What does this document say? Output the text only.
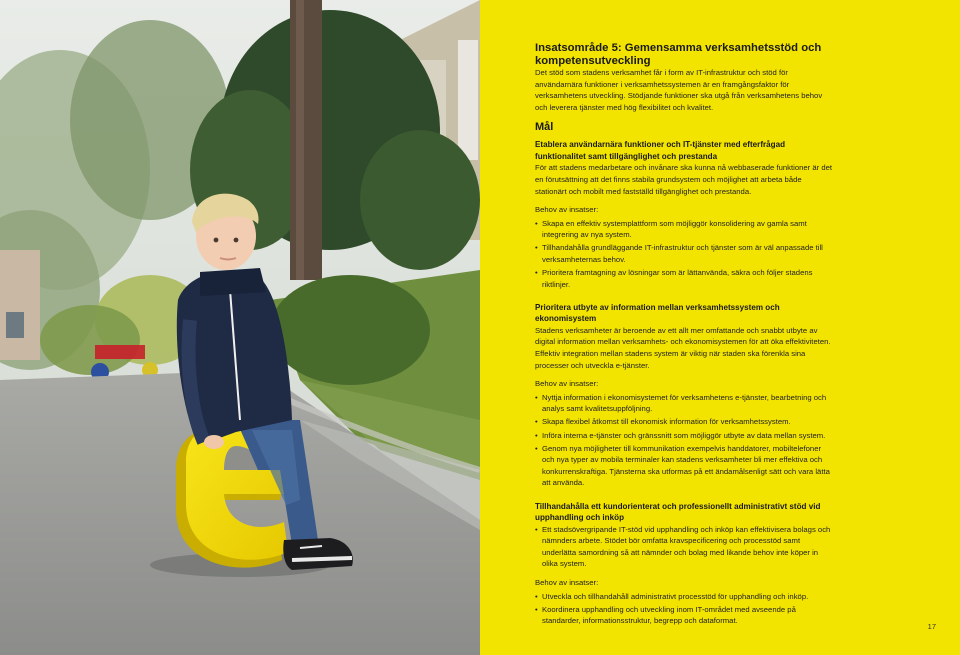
Insatsområde 5: Gemensamma verksamhetsstöd och kompetensutveckling

Det stöd som stadens verksamhet får i form av IT-infrastruktur och stöd för användarnära funktioner i verksamhetssystemen är en framgångsfaktor för verksamhetens utveckling. Stödjande funktioner ska utgå från verksamhetens behov och leverera tjänster med hög flexibilitet och kvalitet.

Mål
Etablera användarnära funktioner och IT-tjänster med efterfrågad funktionalitet samt tillgänglighet och prestanda

För att stadens medarbetare och invånare ska kunna nå webbaserade funktioner är det en förutsättning att det finns stabila grundsystem och möjlighet att arbeta både stationärt och mobilt med fastställd tillgänglighet och prestanda.

Behov av insatser:
• Skapa en effektiv systemplattform som möjliggör konsolidering av gamla samt integrering av nya system.
• Tillhandahålla grundläggande IT-infrastruktur och tjänster som är väl anpassade till verksamheternas behov.
• Prioritera framtagning av lösningar som är lättanvända, säkra och följer stadens riktlinjer.
Prioritera utbyte av information mellan verksamhetssystem och ekonomisystem

Stadens verksamheter är beroende av ett allt mer omfattande och snabbt utbyte av digital information mellan verksamhets- och ekonomisystemen för att öka effektiviteten. Effektiv integration mellan stadens system är viktig när staden ska förenkla sina processer och utveckla e-tjänster.

Behov av insatser:
• Nyttja information i ekonomisystemet för verksamhetens e-tjänster, bearbetning och analys samt kvalitetsuppföljning.
• Skapa flexibel åtkomst till ekonomisk information för verksamhetssystem.
• Införa interna e-tjänster och gränssnitt som möjliggör utbyte av data mellan system.
• Genom nya möjligheter till kommunikation exempelvis handdatorer, mobiltelefoner och nya typer av mobila terminaler kan stadens verksamheter bli mer effektiva och konkurrenskraftiga. Tjänsterna ska utformas på ett ändamålsenligt sätt och vara lätta att använda.
Tillhandahålla ett kundorienterat och professionellt administrativt stöd vid upphandling och inköp
• Ett stadsövergripande IT-stöd vid upphandling och inköp kan effektivisera bolags och nämnders arbete. Stödet bör omfatta kravspecificering och processtöd samt underlätta samordning så att nämnder och bolag med likande behov inte köper in olika system.
Behov av insatser:
• Utveckla och tillhandahåll administrativt processtöd för upphandling och inköp.
• Koordinera upphandling och utveckling inom IT-området med avseende på standarder, informationsstruktur, begrepp och dataformat.
17
